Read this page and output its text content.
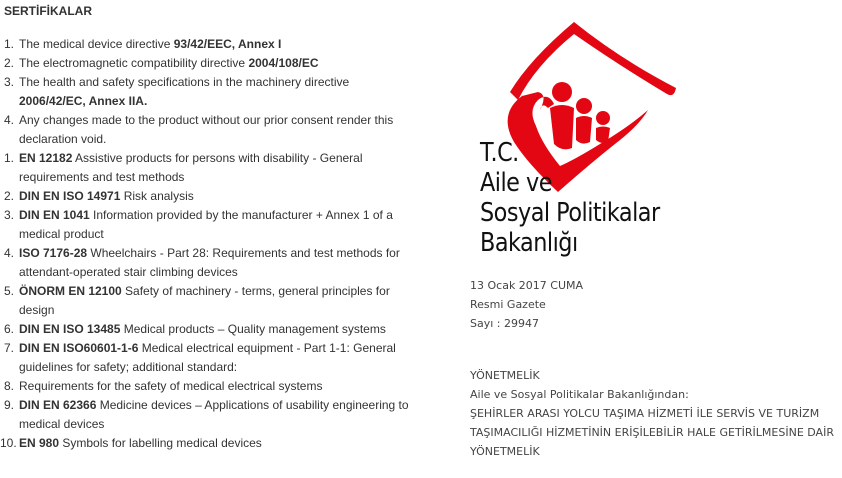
SERTİFİKALAR
1. The medical device directive 93/42/EEC, Annex I
2. The electromagnetic compatibility directive 2004/108/EC
3. The health and safety specifications in the machinery directive
2006/42/EC, Annex IIA.
4. Any changes made to the product without our prior consent render this declaration void.
1. EN 12182 Assistive products for persons with disability - General requirements and test methods
2. DIN EN ISO 14971 Risk analysis
3. DIN EN 1041 Information provided by the manufacturer + Annex 1 of a medical product
4. ISO 7176-28 Wheelchairs - Part 28: Requirements and test methods for attendant-operated stair climbing devices
5. ÖNORM EN 12100 Safety of machinery - terms, general principles for design
6. DIN EN ISO 13485 Medical products – Quality management systems
7. DIN EN ISO60601-1-6 Medical electrical equipment - Part 1-1: General guidelines for safety; additional standard:
8. Requirements for the safety of medical electrical systems
9. DIN EN 62366 Medicine devices – Applications of usability engineering to medical devices
10. EN 980 Symbols for labelling medical devices
T.C.
Aile ve
Sosyal Politikalar
Bakanlığı
13 Ocak 2017 CUMA
Resmi Gazete
Sayı : 29947
YÖNETMELİK
Aile ve Sosyal Politikalar Bakanlığından:
ŞEHİRLER ARASI YOLCU TAŞIMA HİZMETİ İLE SERVİS VE TURİZM
TAŞIMACILIĞI HİZMETİNİN ERİŞİLEBİLİR HALE GETİRİLMESİNE DAİR
YÖNETMELİK
